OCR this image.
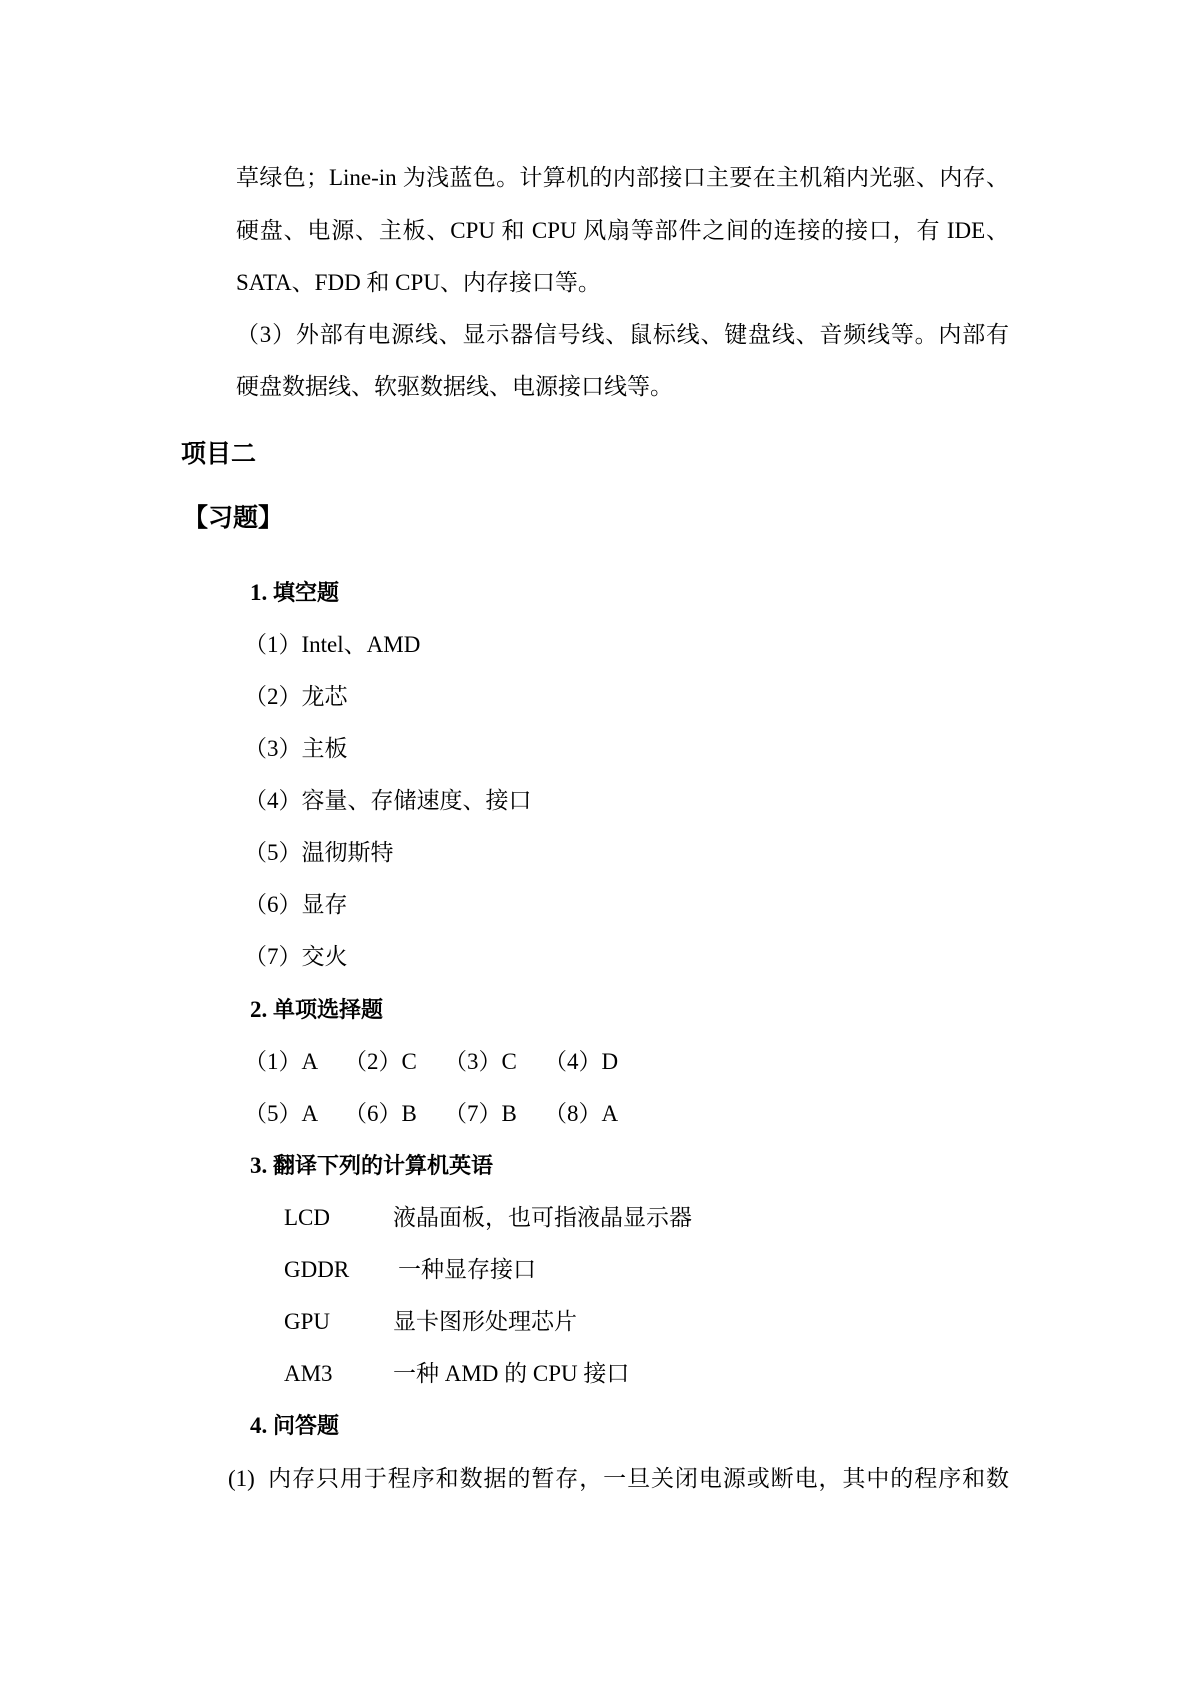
草绿色；Line-in 为浅蓝色。计算机的内部接口主要在主机箱内光驱、内存、
硬盘、电源、主板、CPU 和 CPU 风扇等部件之间的连接的接口，有 IDE、
SATA、FDD 和 CPU、内存接口等。
（3）外部有电源线、显示器信号线、鼠标线、键盘线、音频线等。内部有
硬盘数据线、软驱数据线、电源接口线等。
项目二
【习题】
1. 填空题
（1）Intel、AMD
（2）龙芯
（3）主板
（4）容量、存储速度、接口
（5）温彻斯特
（6）显存
（7）交火
2. 单项选择题
（1）A （2）C （3）C （4）D
（5）A （6）B （7）B （8）A
3. 翻译下列的计算机英语
LCD	液晶面板，也可指液晶显示器
GDDR 一种显存接口
GPU	显卡图形处理芯片
AM3	一种 AMD 的 CPU 接口
4. 问答题
(1)  内存只用于程序和数据的暂存，一旦关闭电源或断电，其中的程序和数
